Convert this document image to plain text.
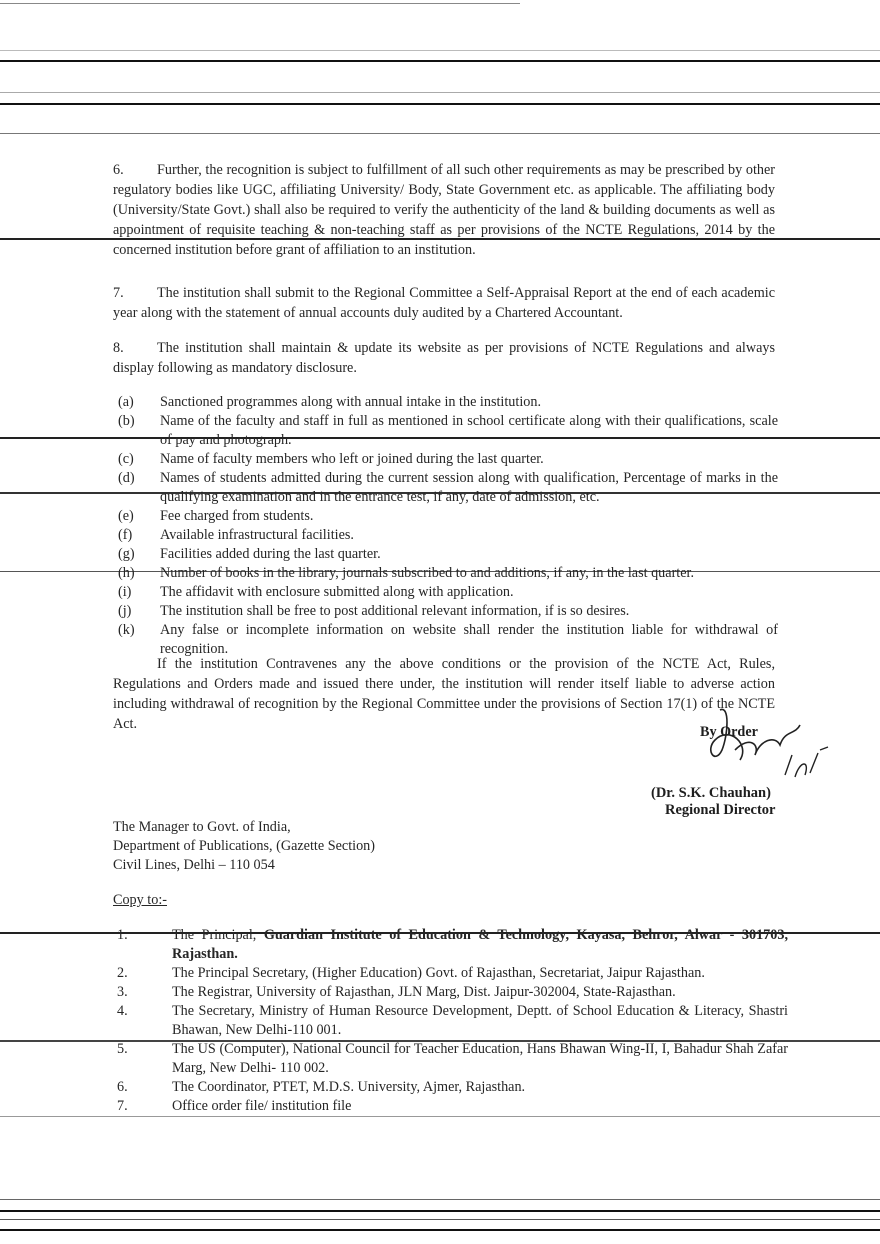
6. Further, the recognition is subject to fulfillment of all such other requirements as may be prescribed by other regulatory bodies like UGC, affiliating University/ Body, State Government etc. as applicable. The affiliating body (University/State Govt.) shall also be required to verify the authenticity of the land & building documents as well as appointment of requisite teaching & non-teaching staff as per provisions of the NCTE Regulations, 2014 by the concerned institution before grant of affiliation to an institution.
7. The institution shall submit to the Regional Committee a Self-Appraisal Report at the end of each academic year along with the statement of annual accounts duly audited by a Chartered Accountant.
8. The institution shall maintain & update its website as per provisions of NCTE Regulations and always display following as mandatory disclosure.
(a)	Sanctioned programmes along with annual intake in the institution.
(b)	Name of the faculty and staff in full as mentioned in school certificate along with their qualifications, scale of pay and photograph.
(c)	Name of faculty members who left or joined during the last quarter.
(d)	Names of students admitted during the current session along with qualification, Percentage of marks in the qualifying examination and in the entrance test, if any, date of admission, etc.
(e)	Fee charged from students.
(f)	Available infrastructural facilities.
(g)	Facilities added during the last quarter.
(h)	Number of books in the library, journals subscribed to and additions, if any, in the last quarter.
(i)	The affidavit with enclosure submitted along with application.
(j)	The institution shall be free to post additional relevant information, if is so desires.
(k)	Any false or incomplete information on website shall render the institution liable for withdrawal of recognition.
If the institution Contravenes any the above conditions or the provision of the NCTE Act, Rules, Regulations and Orders made and issued there under, the institution will render itself liable to adverse action including withdrawal of recognition by the Regional Committee under the provisions of Section 17(1) of the NCTE Act.	By Order
(Dr. S.K. Chauhan)
Regional Director
The Manager to Govt. of India,
Department of Publications, (Gazette Section)
Civil Lines, Delhi – 110 054
Copy to:-
1.	The Principal, Guardian Institute of Education & Technology, Kayasa, Behror, Alwar - 301703, Rajasthan.
2.	The Principal Secretary, (Higher Education) Govt. of Rajasthan, Secretariat, Jaipur Rajasthan.
3.	The Registrar, University of Rajasthan, JLN Marg, Dist. Jaipur-302004, State-Rajasthan.
4.	The Secretary, Ministry of Human Resource Development, Deptt. of School Education & Literacy, Shastri Bhawan, New Delhi-110 001.
5.	The US (Computer), National Council for Teacher Education, Hans Bhawan Wing-II, I, Bahadur Shah Zafar Marg, New Delhi- 110 002.
6.	The Coordinator, PTET, M.D.S. University, Ajmer, Rajasthan.
7.	Office order file/ institution file
